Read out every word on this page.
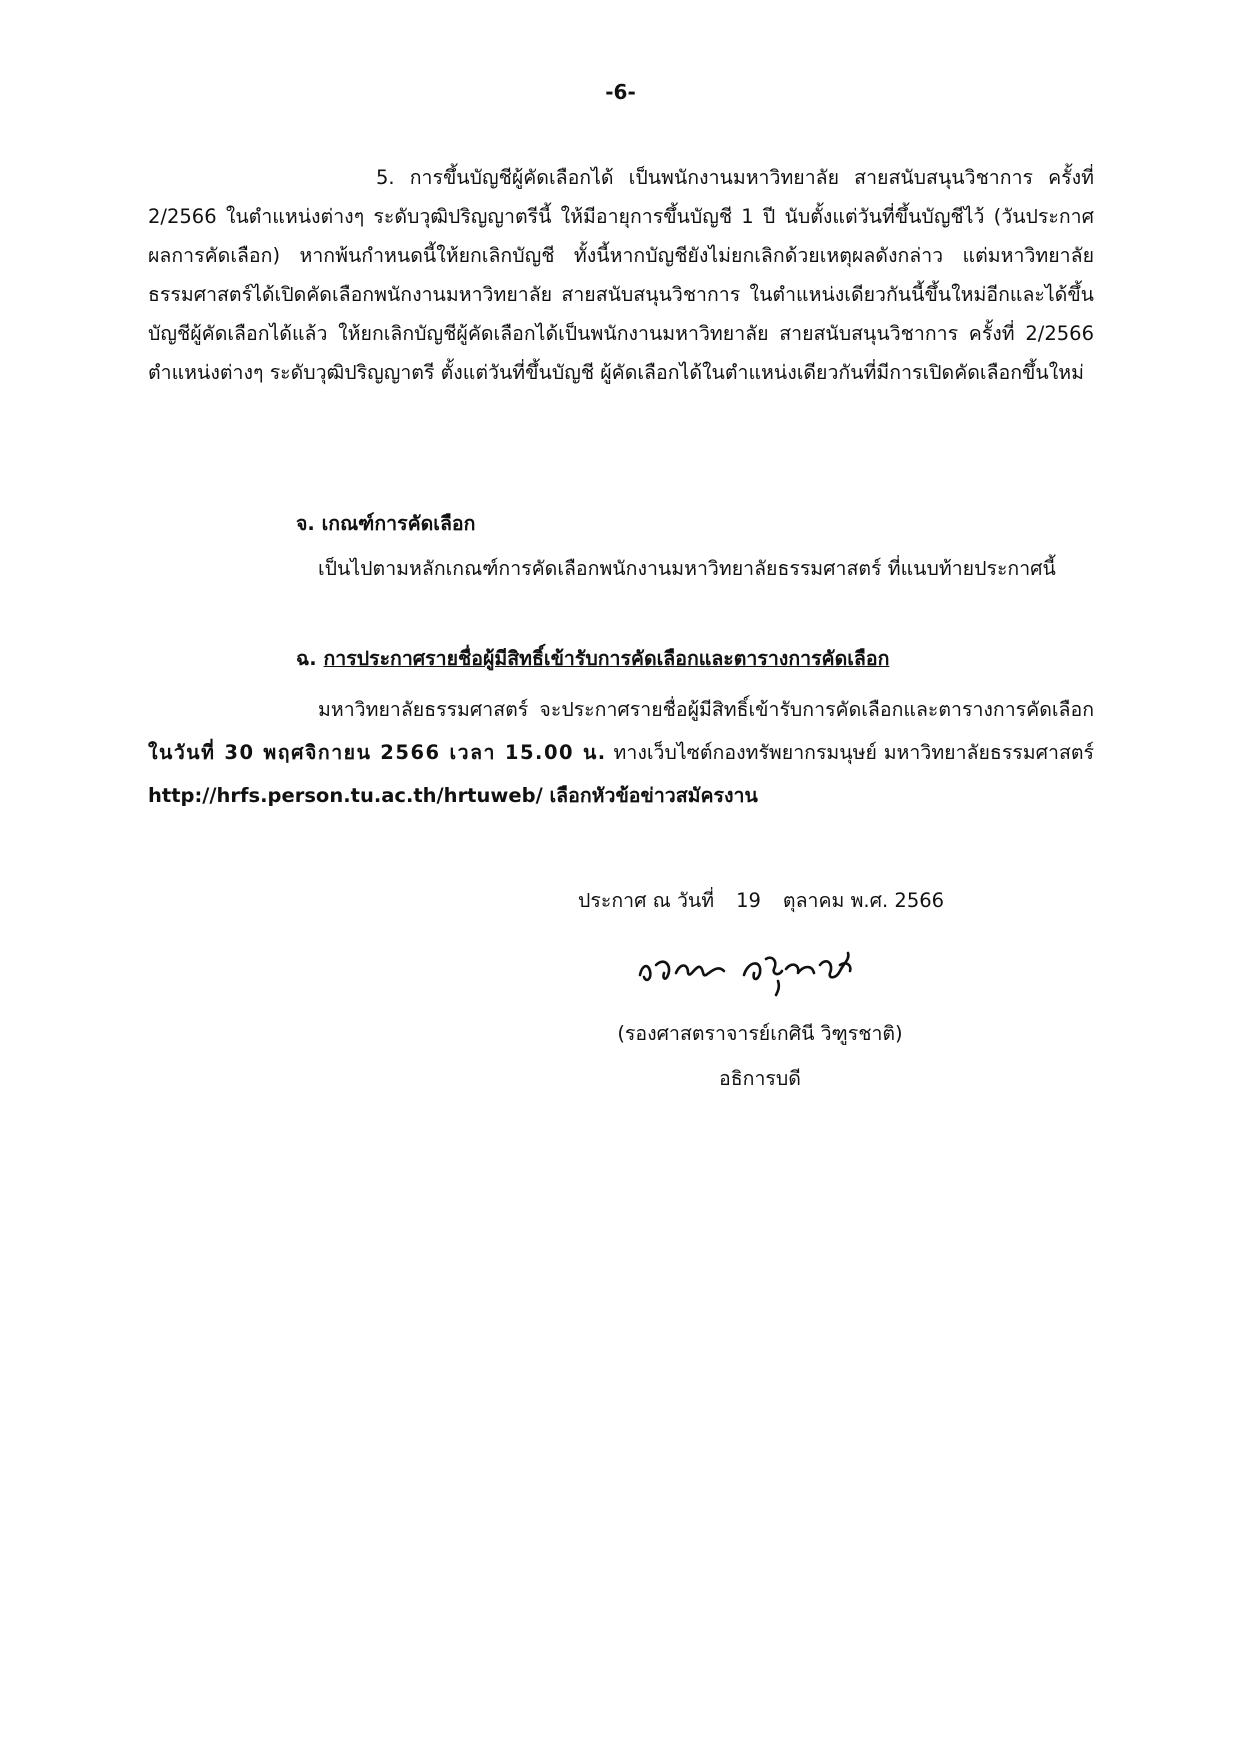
-6-

5. การขึ้นบัญชีผู้คัดเลือกได้ เป็นพนักงานมหาวิทยาลัย สายสนับสนุนวิชาการ ครั้งที่ 2/2566 ในตำแหน่งต่างๆ ระดับวุฒิปริญญาตรีนี้ ให้มีอายุการขึ้นบัญชี 1 ปี นับตั้งแต่วันที่ขึ้นบัญชีไว้ (วันประกาศผลการคัดเลือก) หากพ้นกำหนดนี้ให้ยกเลิกบัญชี ทั้งนี้หากบัญชียังไม่ยกเลิกด้วยเหตุผลดังกล่าว แต่มหาวิทยาลัยธรรมศาสตร์ได้เปิดคัดเลือกพนักงานมหาวิทยาลัย สายสนับสนุนวิชาการ ในตำแหน่งเดียวกันนี้ขึ้นใหม่อีกและได้ขึ้นบัญชีผู้คัดเลือกได้แล้ว ให้ยกเลิกบัญชีผู้คัดเลือกได้เป็นพนักงานมหาวิทยาลัย สายสนับสนุนวิชาการ ครั้งที่ 2/2566 ตำแหน่งต่างๆ ระดับวุฒิปริญญาตรี ตั้งแต่วันที่ขึ้นบัญชี ผู้คัดเลือกได้ในตำแหน่งเดียวกันที่มีการเปิดคัดเลือกขึ้นใหม่

จ. เกณฑ์การคัดเลือก

เป็นไปตามหลักเกณฑ์การคัดเลือกพนักงานมหาวิทยาลัยธรรมศาสตร์ ที่แนบท้ายประกาศนี้

ฉ. การประกาศรายชื่อผู้มีสิทธิ์เข้ารับการคัดเลือกและตารางการคัดเลือก

มหาวิทยาลัยธรรมศาสตร์ จะประกาศรายชื่อผู้มีสิทธิ์เข้ารับการคัดเลือกและตารางการคัดเลือกในวันที่ 30 พฤศจิกายน 2566 เวลา 15.00 น. ทางเว็บไซต์กองทรัพยากรมนุษย์ มหาวิทยาลัยธรรมศาสตร์ http://hrfs.person.tu.ac.th/hrtuweb/ เลือกหัวข้อข่าวสมัครงาน

ประกาศ ณ วันที่ 19 ตุลาคม พ.ศ. 2566
(รองศาสตราจารย์เกศินี วิฑูรชาติ)
อธิการบดี
